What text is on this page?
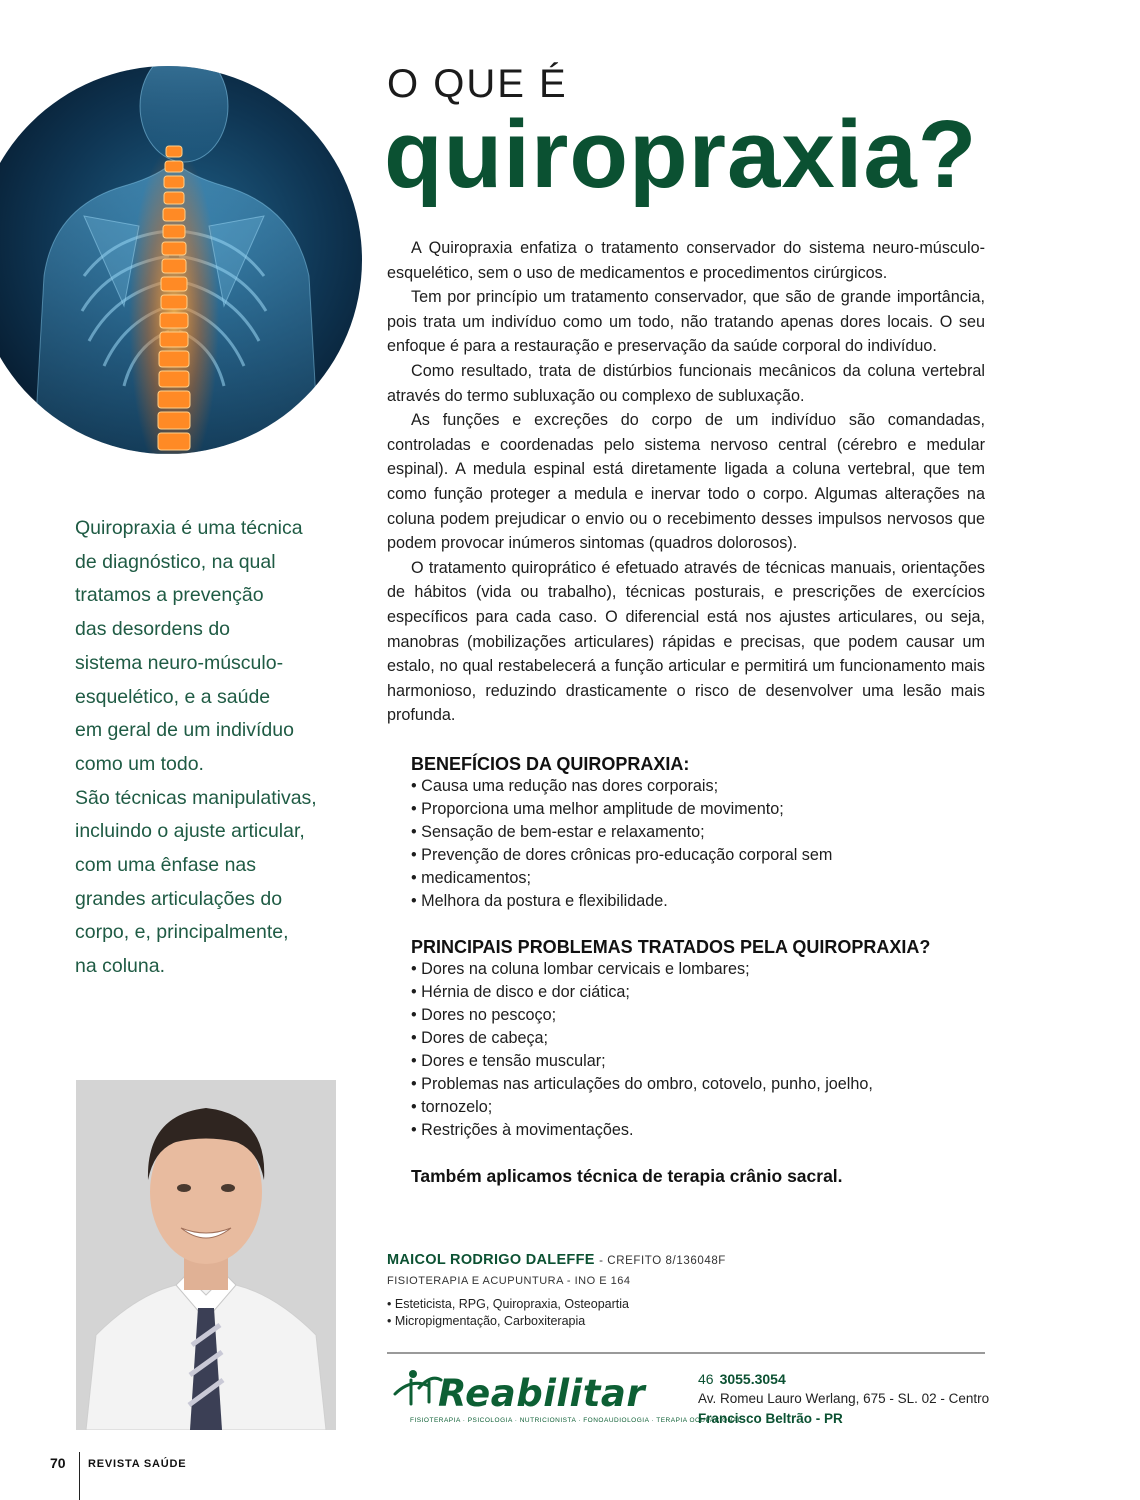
O QUE É
quiropraxia?

A Quiropraxia enfatiza o tratamento conservador do sistema neuro-músculo-esquelético, sem o uso de medicamentos e procedimentos cirúrgicos.

Tem por princípio um tratamento conservador, que são de grande importância, pois trata um indivíduo como um todo, não tratando apenas dores locais. O seu enfoque é para a restauração e preservação da saúde corporal do indivíduo.

Como resultado, trata de distúrbios funcionais mecânicos da coluna vertebral através do termo subluxação ou complexo de subluxação.

As funções e excreções do corpo de um indivíduo são comandadas, controladas e coordenadas pelo sistema nervoso central (cérebro e medular espinal). A medula espinal está diretamente ligada a coluna vertebral, que tem como função proteger a medula e inervar todo o corpo. Algumas alterações na coluna podem prejudicar o envio ou o recebimento desses impulsos nervosos que podem provocar inúmeros sintomas (quadros dolorosos).

O tratamento quiroprático é efetuado através de técnicas manuais, orientações de hábitos (vida ou trabalho), técnicas posturais, e prescrições de exercícios específicos para cada caso. O diferencial está nos ajustes articulares, ou seja, manobras (mobilizações articulares) rápidas e precisas, que podem causar um estalo, no qual restabelecerá a função articular e permitirá um funcionamento mais harmonioso, reduzindo drasticamente o risco de desenvolver uma lesão mais profunda.

BENEFÍCIOS DA QUIROPRAXIA:
• Causa uma redução nas dores corporais;
• Proporciona uma melhor amplitude de movimento;
• Sensação de bem-estar e relaxamento;
• Prevenção de dores crônicas pro-educação corporal sem
• medicamentos;
• Melhora da postura e flexibilidade.
PRINCIPAIS PROBLEMAS TRATADOS PELA QUIROPRAXIA?
• Dores na coluna lombar cervicais e lombares;
• Hérnia de disco e dor ciática;
• Dores no pescoço;
• Dores de cabeça;
• Dores e tensão muscular;
• Problemas nas articulações do ombro, cotovelo, punho, joelho,
• tornozelo;
• Restrições à movimentações.
Também aplicamos técnica de terapia crânio sacral.
Quiropraxia é uma técnica
de diagnóstico, na qual
tratamos a prevenção
das desordens do
sistema neuro-músculo-
esquelético, e a saúde
em geral de um indivíduo
como um todo.
São técnicas manipulativas,
incluindo o ajuste articular,
com uma ênfase nas
grandes articulações do
corpo, e, principalmente,
na coluna.
MAICOL RODRIGO DALEFFE - CREFITO 8/136048F
FISIOTERAPIA E ACUPUNTURA - INO E 164
• Esteticista, RPG, Quiropraxia, Osteopartia
• Micropigmentação, Carboxiterapia
Reabilitar
FISIOTERAPIA · PSICOLOGIA · NUTRICIONISTA · FONOAUDIOLOGIA · TERAPIA OCUPACIONAL
46 3055.3054
Av. Romeu Lauro Werlang, 675 - SL. 02 - Centro
Francisco Beltrão - PR
70 REVISTA SAÚDE
